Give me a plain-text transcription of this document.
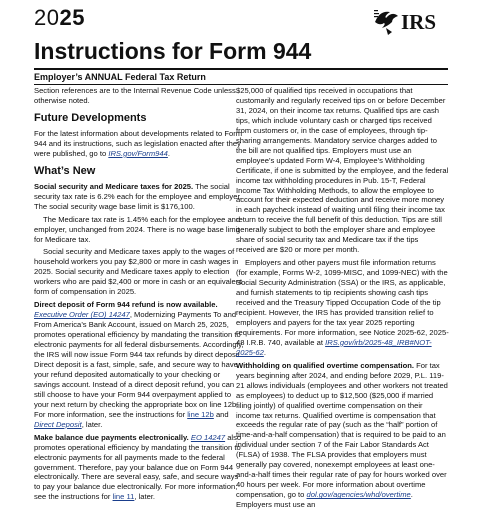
2025	IRS
Instructions for Form 944
Employer’s ANNUAL Federal Tax Return

Section references are to the Internal Revenue Code unless otherwise noted.

Future Developments

For the latest information about developments related to Form 944 and its instructions, such as legislation enacted after they were published, go to IRS.gov/Form944.

What’s New

Social security and Medicare taxes for 2025. The social security tax rate is 6.2% each for the employee and employer. The social security wage base limit is $176,100.

The Medicare tax rate is 1.45% each for the employee and employer, unchanged from 2024. There is no wage base limit for Medicare tax.

Social security and Medicare taxes apply to the wages of household workers you pay $2,800 or more in cash wages in 2025. Social security and Medicare taxes apply to election workers who are paid $2,400 or more in cash or an equivalent form of compensation in 2025.

Direct deposit of Form 944 refund is now available. Executive Order (EO) 14247, Modernizing Payments To and From America’s Bank Account, issued on March 25, 2025, promotes operational efficiency by mandating the transition to electronic payments for all federal disbursements. Accordingly, the IRS will now issue Form 944 tax refunds by direct deposit. Direct deposit is a fast, simple, safe, and secure way to have your refund deposited automatically to your checking or savings account. Instead of a direct deposit refund, you can still choose to have your Form 944 overpayment applied to your next return by checking the appropriate box on line 12b. For more information, see the instructions for line 12b and Direct Deposit, later.

Make balance due payments electronically. EO 14247 also promotes operational efficiency by mandating the transition to electronic payments for all payments made to the federal government. Therefore, pay your balance due on Form 944 electronically. There are several easy, safe, and secure ways to pay your balance due electronically. For more information, see the instructions for line 11, later.

$25,000 of qualified tips received in occupations that customarily and regularly received tips on or before December 31, 2024, on their income tax returns. Qualified tips are cash tips, which include voluntary cash or charged tips received from customers or, in the case of employees, through tip-sharing arrangements. Mandatory service charges added to the bill are not qualified tips. Employers must use an employee’s updated Form W-4, Employee’s Withholding Certificate, if one is submitted by the employee, and the federal income tax withholding procedures in Pub. 15-T, Federal Income Tax Withholding Methods, to allow the employee to account for their expected deduction and receive more money in each paycheck instead of waiting until filing their income tax return to receive the full benefit of this deduction. Tips are still generally subject to both the employer share and employee share of social security tax and Medicare tax if the tips received are $20 or more per month.

Employers and other payers must file information returns (for example, Forms W-2, 1099-MISC, and 1099-NEC) with the Social Security Administration (SSA) or the IRS, as applicable, and furnish statements to tip recipients showing cash tips received and the Treasury Tipped Occupation Code of the tip recipient. However, the IRS has provided transition relief to employers and payers for the tax year 2025 reporting requirements. For more information, see Notice 2025-62, 2025-48 I.R.B. 740, available at IRS.gov/irb/2025-48_IRB#NOT-2025-62.

Withholding on qualified overtime compensation. For tax years beginning after 2024, and ending before 2029, P.L. 119-21 allows individuals (employees and other workers not treated as employees) to deduct up to $12,500 ($25,000 if married filing jointly) of qualified overtime compensation on their income tax returns. Qualified overtime is compensation that exceeds the regular rate of pay (such as the “half” portion of time-and-a-half compensation) that is required to be paid to an individual under section 7 of the Fair Labor Standards Act (FLSA) of 1938. The FLSA provides that employers must generally pay covered, nonexempt employees at least one-and-a-half times their regular rate of pay for hours worked over 40 hours per week. For more information about overtime compensation, go to dol.gov/agencies/whd/overtime. Employers must use an
